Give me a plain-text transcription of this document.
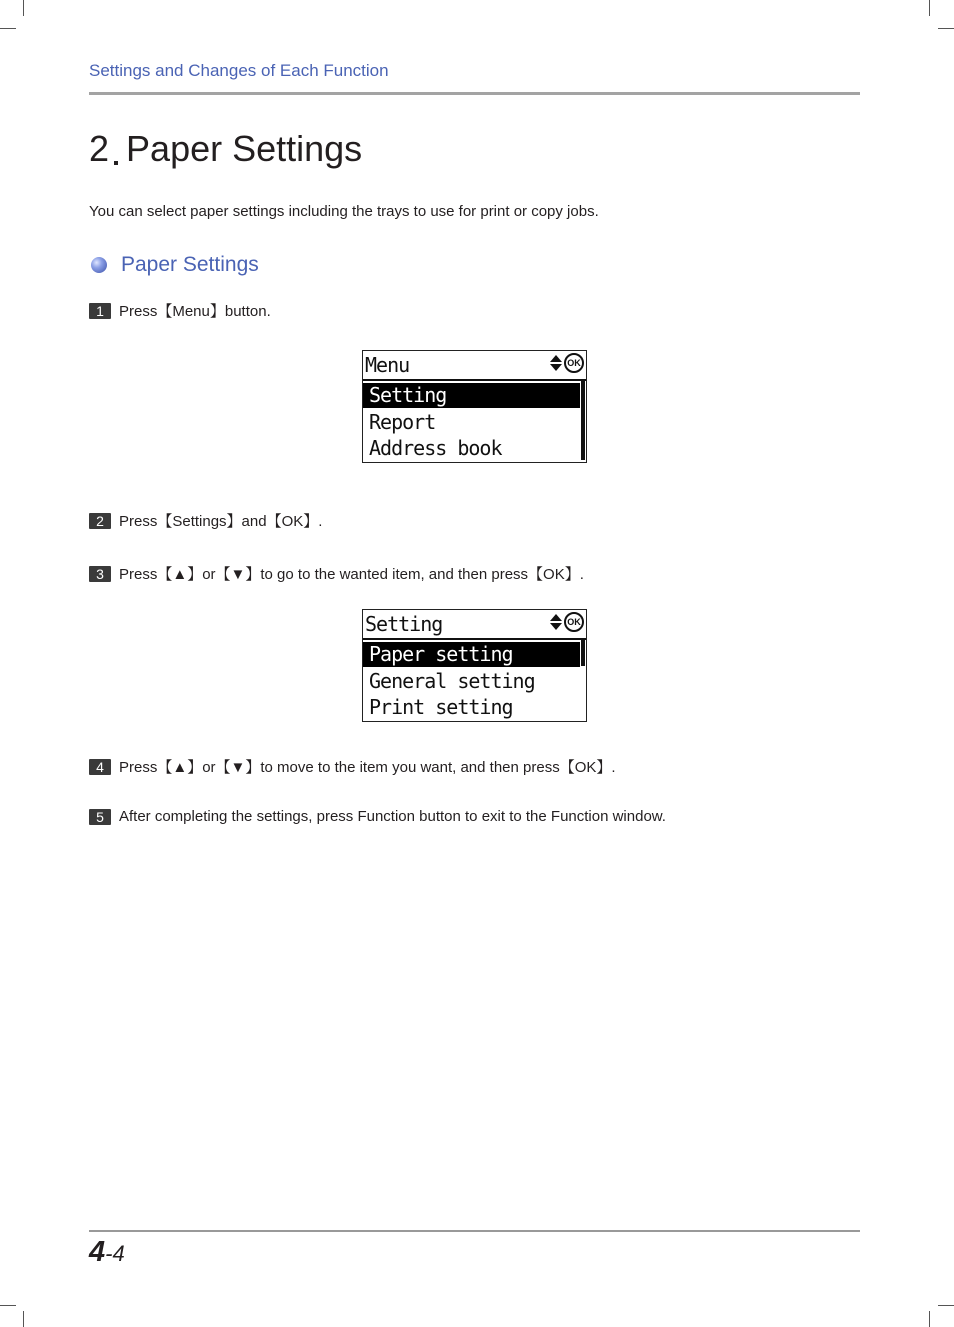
Settings and Changes of Each Function
2 Paper Settings
You can select paper settings including the trays to use for print or copy jobs.
Paper Settings
1	Press【Menu】button.
Menu	OK
Setting
Report
Address book
2	Press【Settings】and【OK】.
3	Press【▲】or【▼】to go to the wanted item, and then press【OK】.
Setting	OK
Paper setting
General setting
Print setting
4	Press【▲】or【▼】to move to the item you want, and then press【OK】.
5	After completing the settings, press Function button to exit to the Function window.
4-4
